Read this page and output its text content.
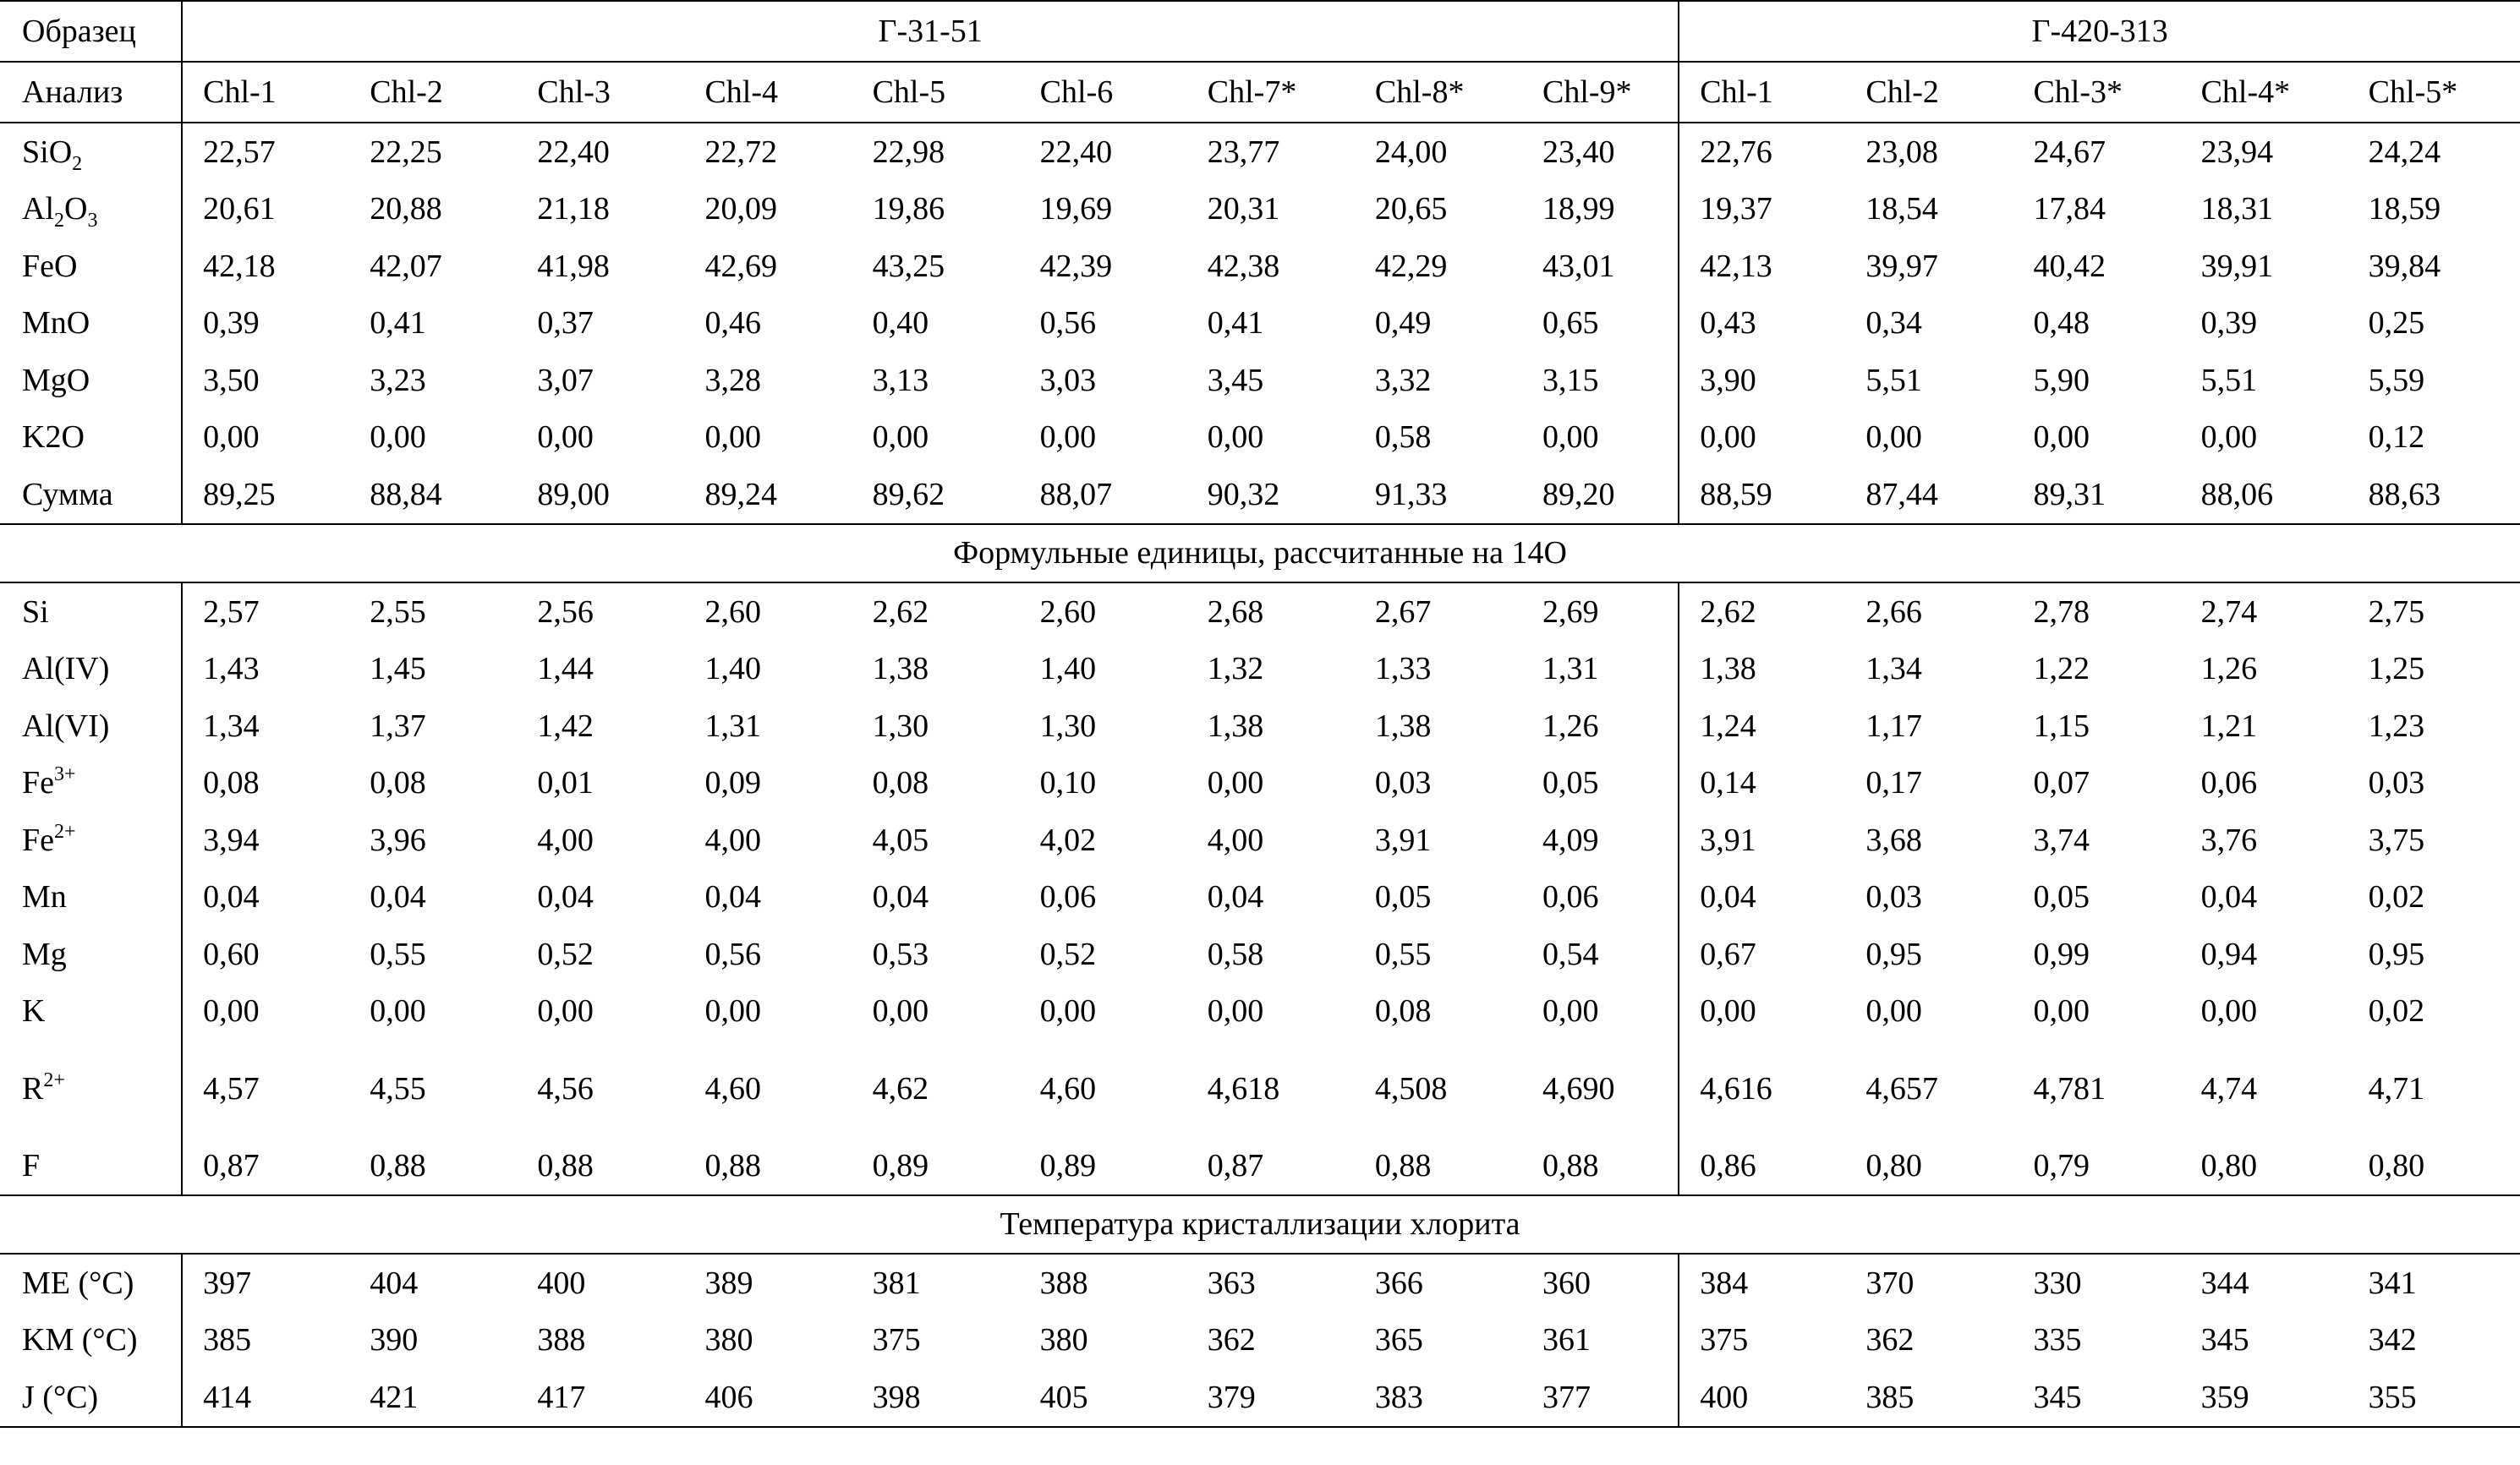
Образец	Г-31-51									Г-420-313				
Анализ	Chl-1	Chl-2	Chl-3	Chl-4	Chl-5	Chl-6	Chl-7*	Chl-8*	Chl-9*	Chl-1	Chl-2	Chl-3*	Chl-4*	Chl-5*
SiO$_2$	22,57	22,25	22,40	22,72	22,98	22,40	23,77	24,00	23,40	22,76	23,08	24,67	23,94	24,24
$Al_2O_3$	20,61	20,88	21,18	20,09	19,86	19,69	20,31	20,65	18,99	19,37	18,54	17,84	18,31	18,59
FeO	42,18	42,07	41,98	42,69	43,25	42,39	42,38	42,29	43,01	42,13	39,97	40,42	39,91	39,84
MnO	0,39	0,41	0,37	0,46	0,40	0,56	0,41	0,49	0,65	0,43	0,34	0,48	0,39	0,25
MgO	3,50	3,23	3,07	3,28	3,13	3,03	3,45	3,32	3,15	3,90	5,51	5,90	5,51	5,59
K2O	0,00	0,00	0,00	0,00	0,00	0,00	0,00	0,58	0,00	0,00	0,00	0,00	0,00	0,12
Сумма	89,25	88,84	89,00	89,24	89,62	88,07	90,32	91,33	89,20	88,59	87,44	89,31	88,06	88,63
Формульные единицы, рассчитанные на 14О														
Si	2,57	2,55	2,56	2,60	2,62	2,60	2,68	2,67	2,69	2,62	2,66	2,78	2,74	2,75
Al(IV)	1,43	1,45	1,44	1,40	1,38	1,40	1,32	1,33	1,31	1,38	1,34	1,22	1,26	1,25
Al(VI)	1,34	1,37	1,42	1,31	1,30	1,30	1,38	1,38	1,26	1,24	1,17	1,15	1,21	1,23
$Fe^{3+}$	0,08	0,08	0,01	0,09	0,08	0,10	0,00	0,03	0,05	0,14	0,17	0,07	0,06	0,03
$Fe^{2+}$	3,94	3,96	4,00	4,00	4,05	4,02	4,00	3,91	4,09	3,91	3,68	3,74	3,76	3,75
Mn	0,04	0,04	0,04	0,04	0,04	0,06	0,04	0,05	0,06	0,04	0,03	0,05	0,04	0,02
Mg	0,60	0,55	0,52	0,56	0,53	0,52	0,58	0,55	0,54	0,67	0,95	0,99	0,94	0,95
K	0,00	0,00	0,00	0,00	0,00	0,00	0,00	0,08	0,00	0,00	0,00	0,00	0,00	0,02
$R^{2+}$	4,57	4,55	4,56	4,60	4,62	4,60	4,618	4,508	4,690	4,616	4,657	4,781	4,74	4,71
F	0,87	0,88	0,88	0,88	0,89	0,89	0,87	0,88	0,88	0,86	0,80	0,79	0,80	0,80
Температура кристаллизации хлорита														
ME (°C)	397	404	400	389	381	388	363	366	360	384	370	330	344	341
KM (°C)	385	390	388	380	375	380	362	365	361	375	362	335	345	342
J (°C)	414	421	417	406	398	405	379	383	377	400	385	345	359	355
